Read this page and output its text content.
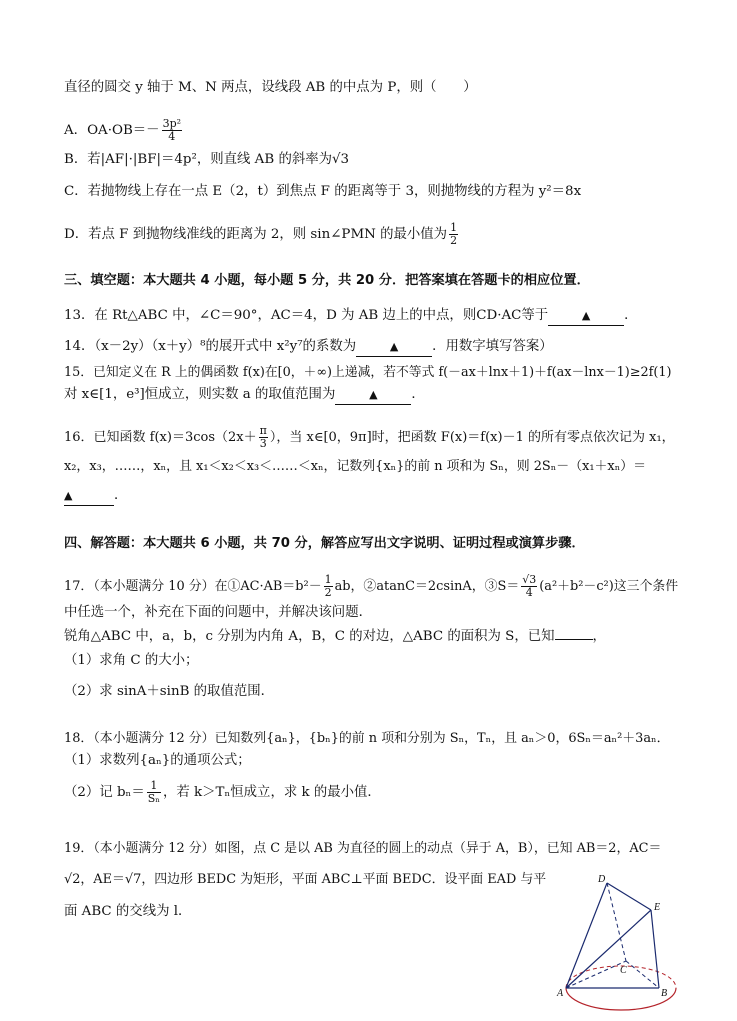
直径的圆交 y 轴于 M、N 两点，设线段 AB 的中点为 P，则（　　）
A．$OA\cdot OB=- \frac{\text{3p²}}{4}$
B．若|AF|·|BF|＝4p²，则直线 AB 的斜率为√3
C．若抛物线上存在一点 E（2，t）到焦点 F 的距离等于 3，则抛物线的方程为 y²＝8x
D．若点 F 到抛物线准线的距离为 2，则 sin∠PMN 的最小值为 $\frac{1}{2}$
三、填空题：本大题共 4 小题，每小题 5 分，共 20 分．把答案填在答题卡的相应位置．
13．在 Rt△ABC 中，∠C＝90°，AC＝4，D 为 AB 边上的中点，则CD·AC等于	▲	．
14．（x－2y）（x＋y）⁸的展开式中 x²y⁷的系数为	▲	．用数字填写答案）
15．已知定义在 R 上的偶函数 f(x)在[0，＋∞)上递减，若不等式 f(－ax＋lnx＋1)＋f(ax－lnx－1)≥2f(1)
对 x∈[1，e³]恒成立，则实数 a 的取值范围为	▲	．
16．已知函数 $f(x)=3\cos(2x+ \frac{\pi}{3}$ ），当 x∈[0，9π]时，把函数 F(x)＝f(x)－1 的所有零点依次记为 x₁，
x₂，x₃，……，xₙ，且 x₁＜x₂＜x₃＜……＜xₙ，记数列{xₙ}的前 n 项和为 Sₙ，则 2Sₙ－（x₁＋xₙ）＝
▲	．
四、解答题：本大题共 6 小题，共 70 分，解答应写出文字说明、证明过程或演算步骤．
17．（本小题满分 10 分）在①AC·AB＝b²－ $\frac{1}{2}$ ab，②atanC＝2csinA，③S＝ $\frac{√3}{4} (a^2+b^2-c^2)$这三个条件
中任选一个，补充在下面的问题中，并解决该问题．
锐角△ABC 中，a，b，c 分别为内角 A，B，C 的对边，△ABC 的面积为 S，已知	，
（1）求角 C 的大小；
（2）求 sinA＋sinB 的取值范围．
18．（本小题满分 12 分）已知数列{aₙ}，{bₙ}的前 n 项和分别为 Sₙ，Tₙ，且 aₙ＞0，6Sₙ＝aₙ²＋3aₙ．
（1）求数列{aₙ}的通项公式；
（2）记 $b_n= \frac{1}{\text{Sₙ}}$ ，若 k＞Tₙ恒成立，求 k 的最小值．
19．（本小题满分 12 分）如图，点 C 是以 AB 为直径的圆上的动点（异于 A，B），已知 AB＝2，AC＝
√2，AE＝√7，四边形 BEDC 为矩形，平面 ABC⊥平面 BEDC．设平面 EAD 与平
面 ABC 的交线为 l．
D
E
C
A	B
